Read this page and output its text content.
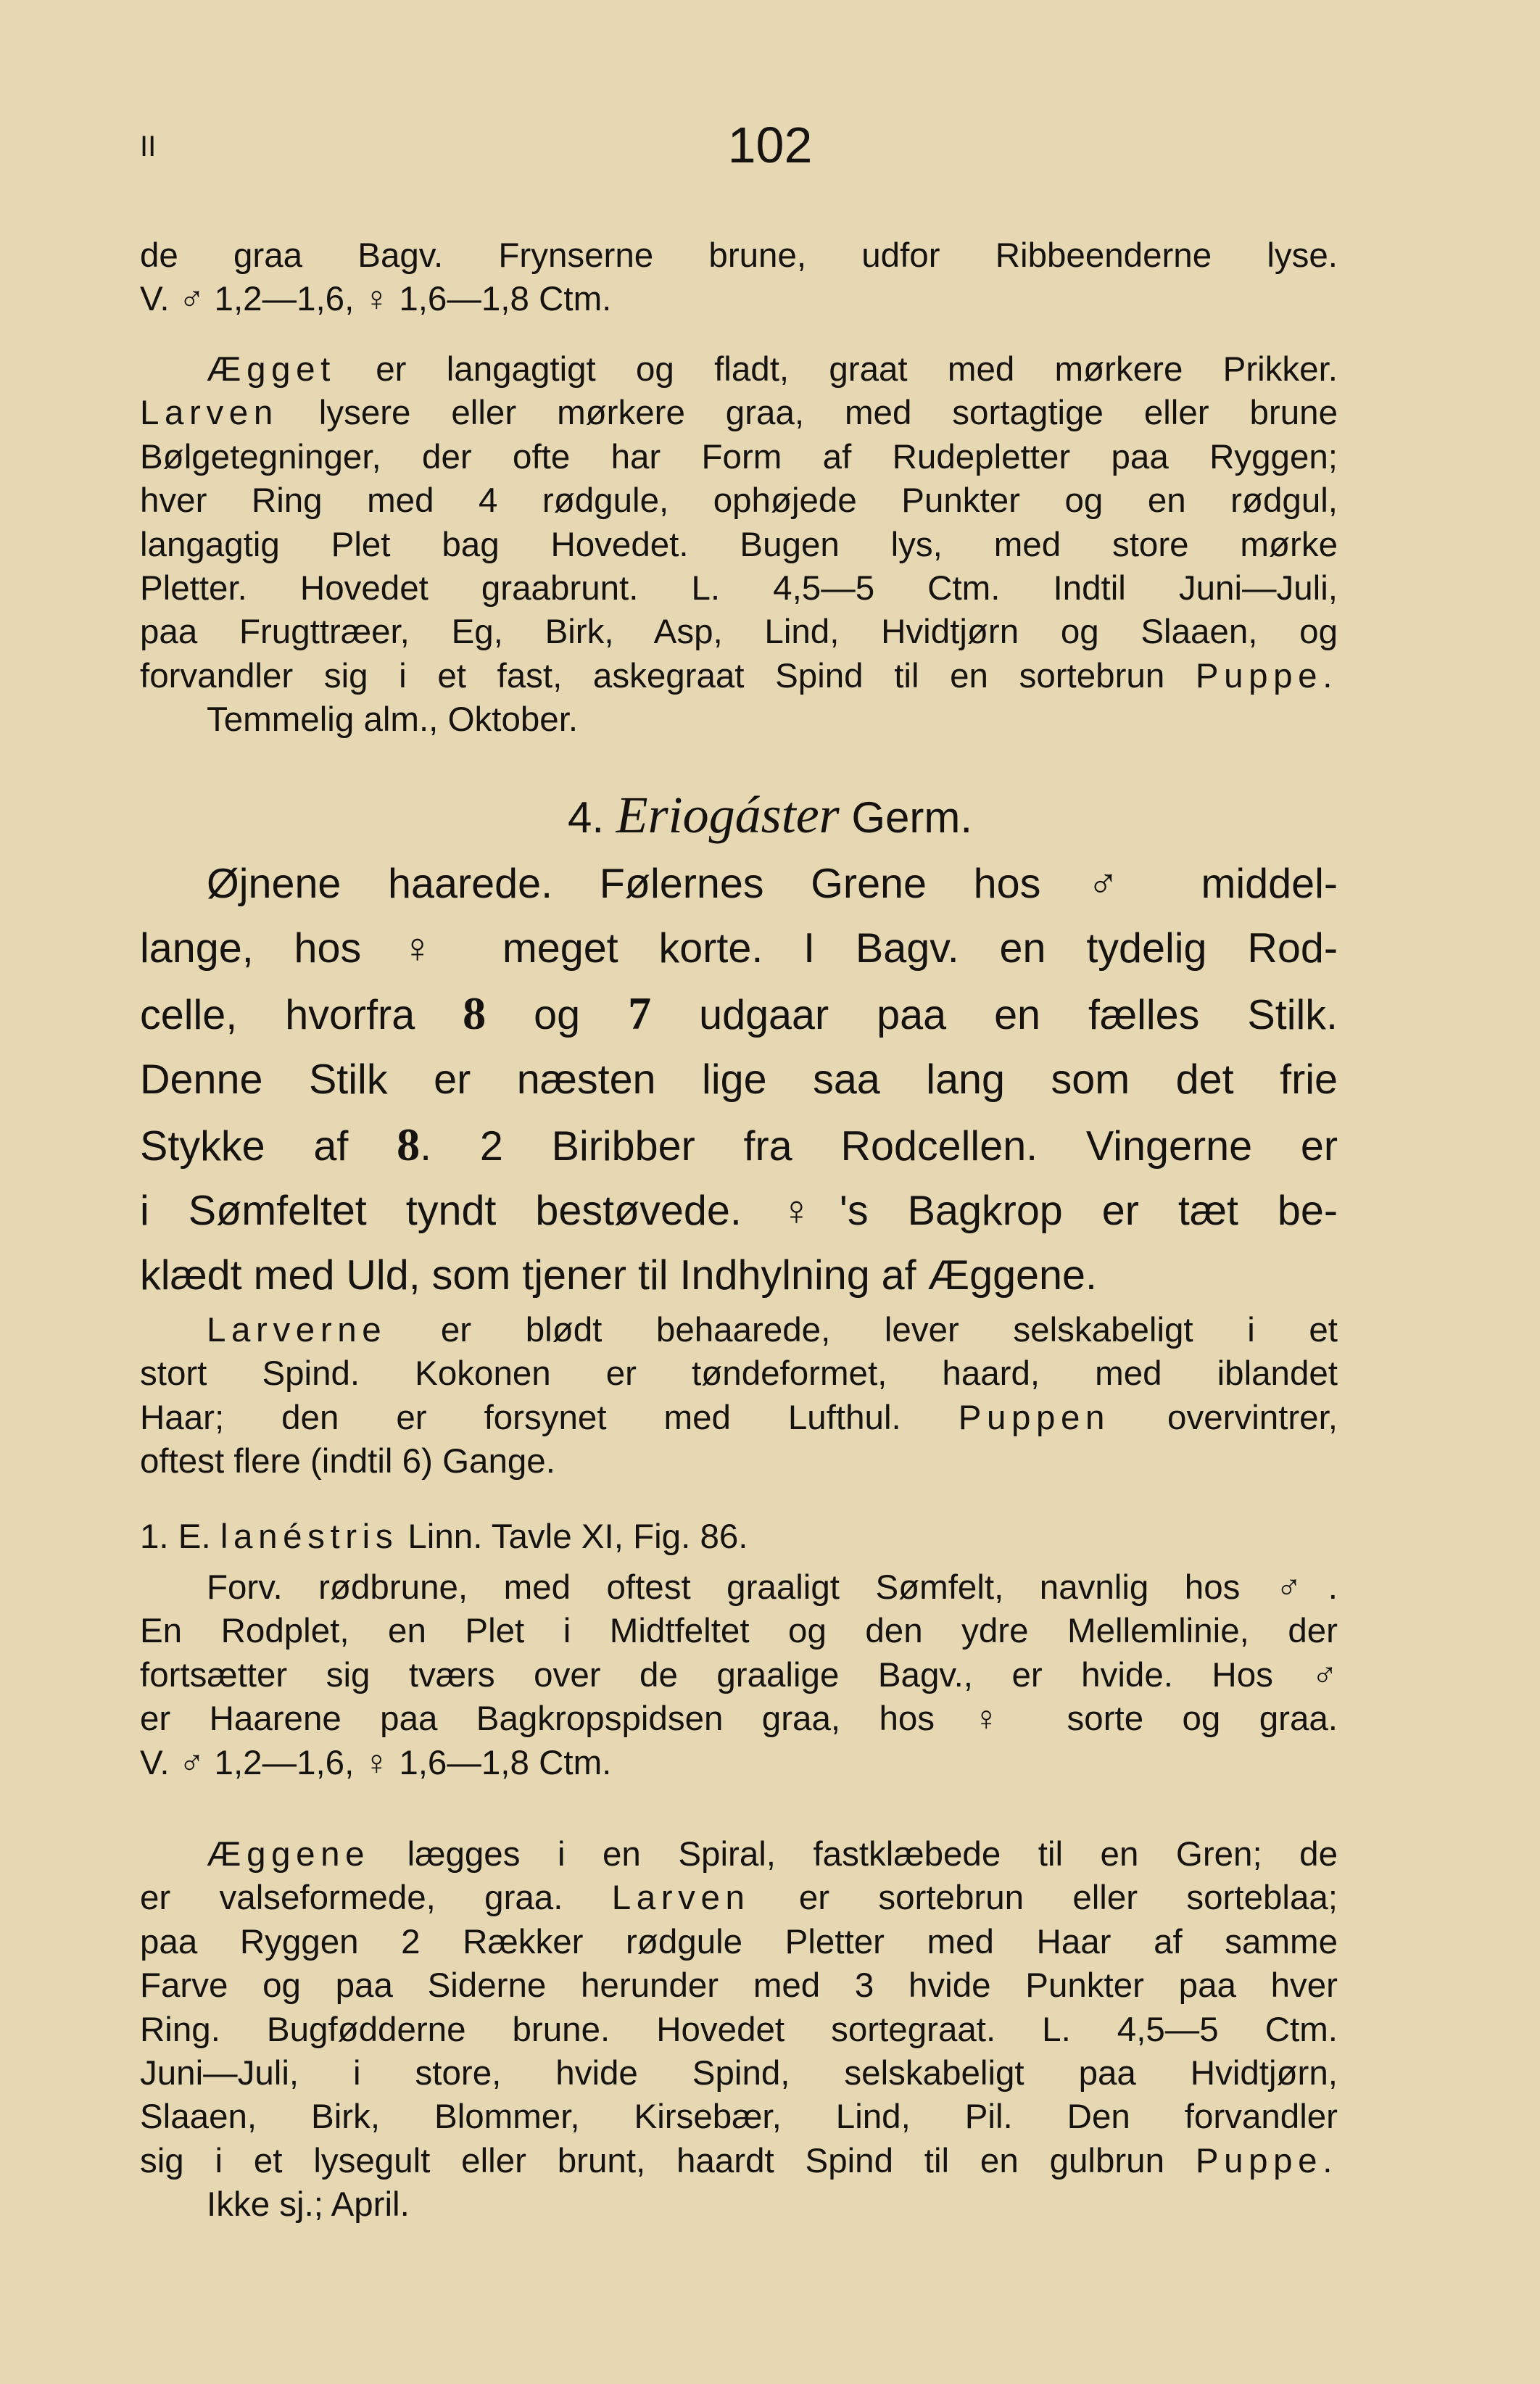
II	102
de graa Bagv. Frynserne brune, udfor Ribbeenderne lyse.
V. ♂ 1,2—1,6, ♀ 1,6—1,8 Ctm.
Ægget er langagtigt og fladt, graat med mørkere Prikker.
Larven lysere eller mørkere graa, med sortagtige eller brune
Bølgetegninger, der ofte har Form af Rudepletter paa Ryggen;
hver Ring med 4 rødgule, ophøjede Punkter og en rødgul,
langagtig Plet bag Hovedet. Bugen lys, med store mørke
Pletter. Hovedet graabrunt. L. 4,5—5 Ctm. Indtil Juni—Juli,
paa Frugttræer, Eg, Birk, Asp, Lind, Hvidtjørn og Slaaen, og
forvandler sig i et fast, askegraat Spind til en sortebrun Puppe.
Temmelig alm., Oktober.
4. Eriogáster Germ.
Øjnene haarede. Følernes Grene hos ♂ middel-
lange, hos ♀ meget korte. I Bagv. en tydelig Rod-
celle, hvorfra 8 og 7 udgaar paa en fælles Stilk.
Denne Stilk er næsten lige saa lang som det frie
Stykke af 8. 2 Biribber fra Rodcellen. Vingerne er
i Sømfeltet tyndt bestøvede. ♀'s Bagkrop er tæt be-
klædt med Uld, som tjener til Indhylning af Æggene.
Larverne er blødt behaarede, lever selskabeligt i et
stort Spind. Kokonen er tøndeformet, haard, med iblandet
Haar; den er forsynet med Lufthul. Puppen overvintrer,
oftest flere (indtil 6) Gange.
1. E. lanéstris Linn. Tavle XI, Fig. 86.
Forv. rødbrune, med oftest graaligt Sømfelt, navnlig hos ♂.
En Rodplet, en Plet i Midtfeltet og den ydre Mellemlinie, der
fortsætter sig tværs over de graalige Bagv., er hvide. Hos ♂
er Haarene paa Bagkropspidsen graa, hos ♀ sorte og graa.
V. ♂ 1,2—1,6, ♀ 1,6—1,8 Ctm.
Æggene lægges i en Spiral, fastklæbede til en Gren; de
er valseformede, graa. Larven er sortebrun eller sorteblaa;
paa Ryggen 2 Rækker rødgule Pletter med Haar af samme
Farve og paa Siderne herunder med 3 hvide Punkter paa hver
Ring. Bugfødderne brune. Hovedet sortegraat. L. 4,5—5 Ctm.
Juni—Juli, i store, hvide Spind, selskabeligt paa Hvidtjørn,
Slaaen, Birk, Blommer, Kirsebær, Lind, Pil. Den forvandler
sig i et lysegult eller brunt, haardt Spind til en gulbrun Puppe.
Ikke sj.; April.
